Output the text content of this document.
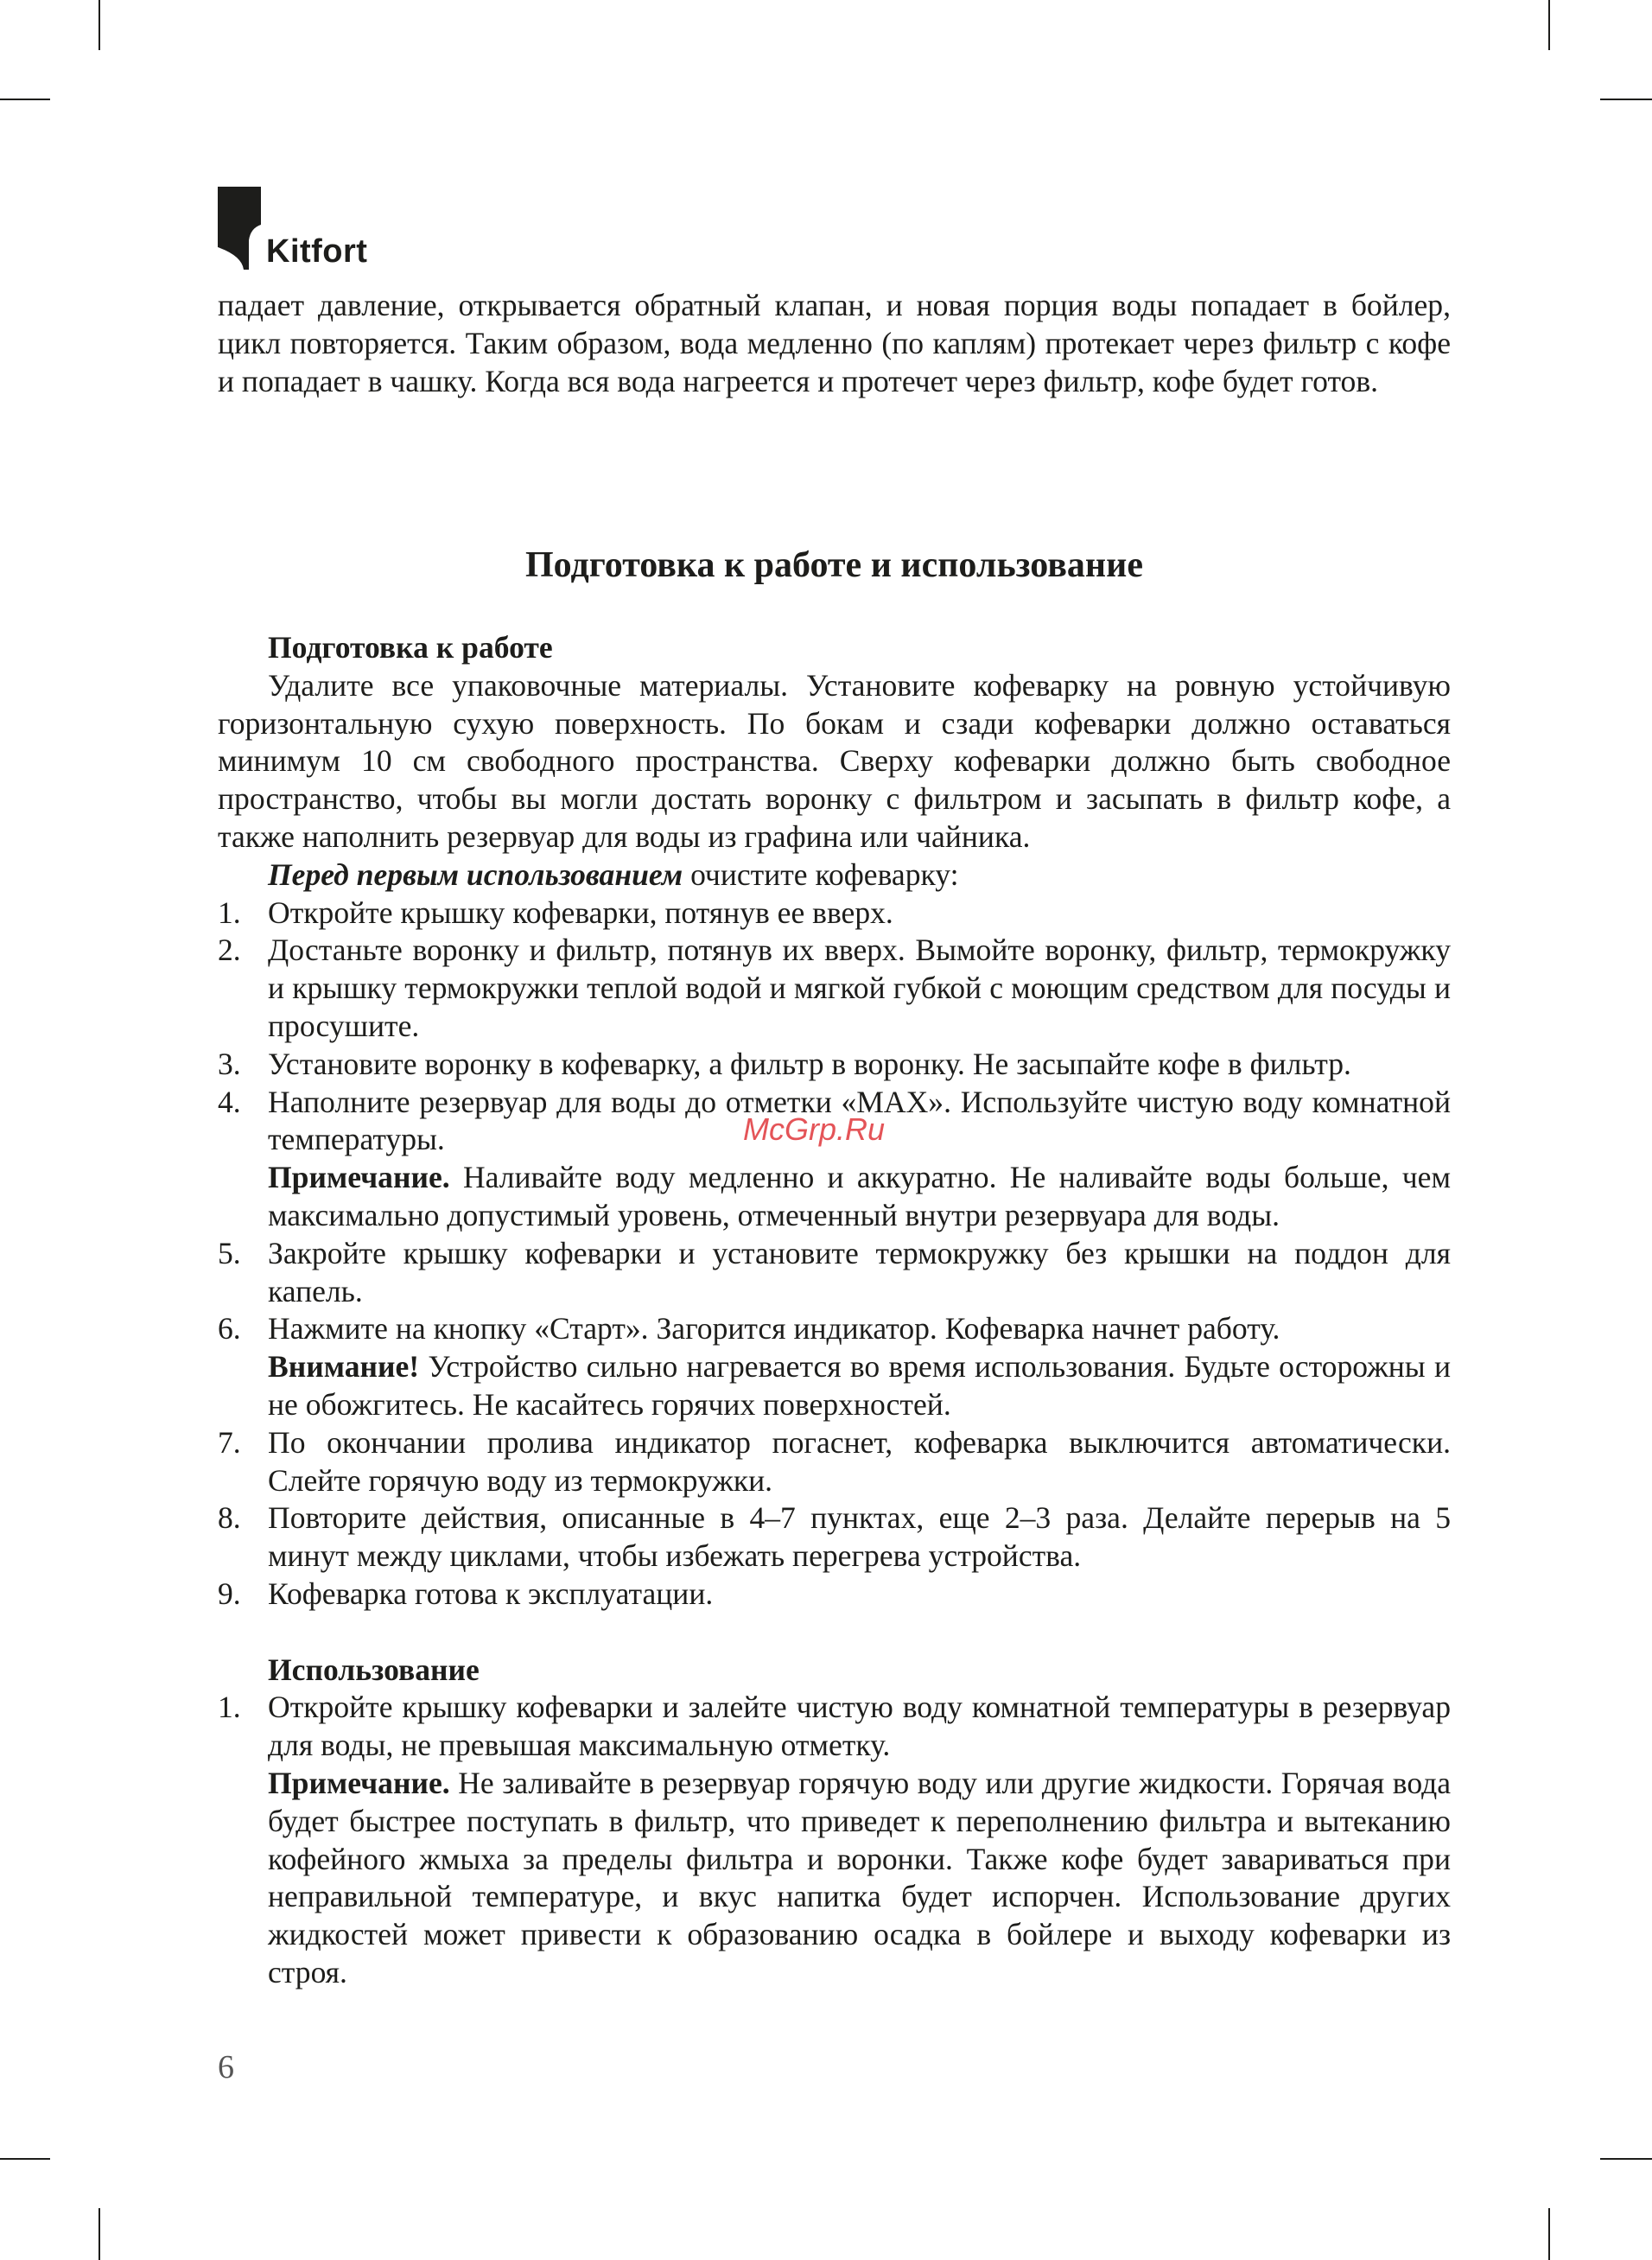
Kitfort

падает давление, открывается обратный клапан, и новая порция воды попадает в бойлер, цикл повторяется. Таким образом, вода медленно (по каплям) протекает через фильтр с кофе и попадает в чашку. Когда вся вода нагреется и протечет через фильтр, кофе будет готов.

Подготовка к работе и использование

Подготовка к работе

Удалите все упаковочные материалы. Установите кофеварку на ровную устойчивую горизонтальную сухую поверхность. По бокам и сзади кофеварки должно оставаться минимум 10 см свободного пространства. Сверху кофеварки должно быть свободное пространство, чтобы вы могли достать воронку с фильтром и засыпать в фильтр кофе, а также наполнить резервуар для воды из графина или чайника.

Перед первым использованием очистите кофеварку:

1. Откройте крышку кофеварки, потянув ее вверх.
2. Достаньте воронку и фильтр, потянув их вверх. Вымойте воронку, фильтр, термокружку и крышку термокружки теплой водой и мягкой губкой с моющим средством для посуды и просушите.
3. Установите воронку в кофеварку, а фильтр в воронку. Не засыпайте кофе в фильтр.
4. Наполните резервуар для воды до отметки «MAX». Используйте чистую воду комнатной температуры.

Примечание. Наливайте воду медленно и аккуратно. Не наливайте воды больше, чем максимально допустимый уровень, отмеченный внутри резервуара для воды.

5. Закройте крышку кофеварки и установите термокружку без крышки на поддон для капель.
6. Нажмите на кнопку «Старт». Загорится индикатор. Кофеварка начнет работу.

Внимание! Устройство сильно нагревается во время использования. Будьте осторожны и не обожгитесь. Не касайтесь горячих поверхностей.

7. По окончании пролива индикатор погаснет, кофеварка выключится автоматически. Слейте горячую воду из термокружки.
8. Повторите действия, описанные в 4–7 пунктах, еще 2–3 раза. Делайте перерыв на 5 минут между циклами, чтобы избежать перегрева устройства.
9. Кофеварка готова к эксплуатации.

Использование

1. Откройте крышку кофеварки и залейте чистую воду комнатной температуры в резервуар для воды, не превышая максимальную отметку.

Примечание. Не заливайте в резервуар горячую воду или другие жидкости. Горячая вода будет быстрее поступать в фильтр, что приведет к переполнению фильтра и вытеканию кофейного жмыха за пределы фильтра и воронки. Также кофе будет завариваться при неправильной температуре, и вкус напитка будет испорчен. Использование других жидкостей может привести к образованию осадка в бойлере и выходу кофеварки из строя.

McGrp.Ru
6
